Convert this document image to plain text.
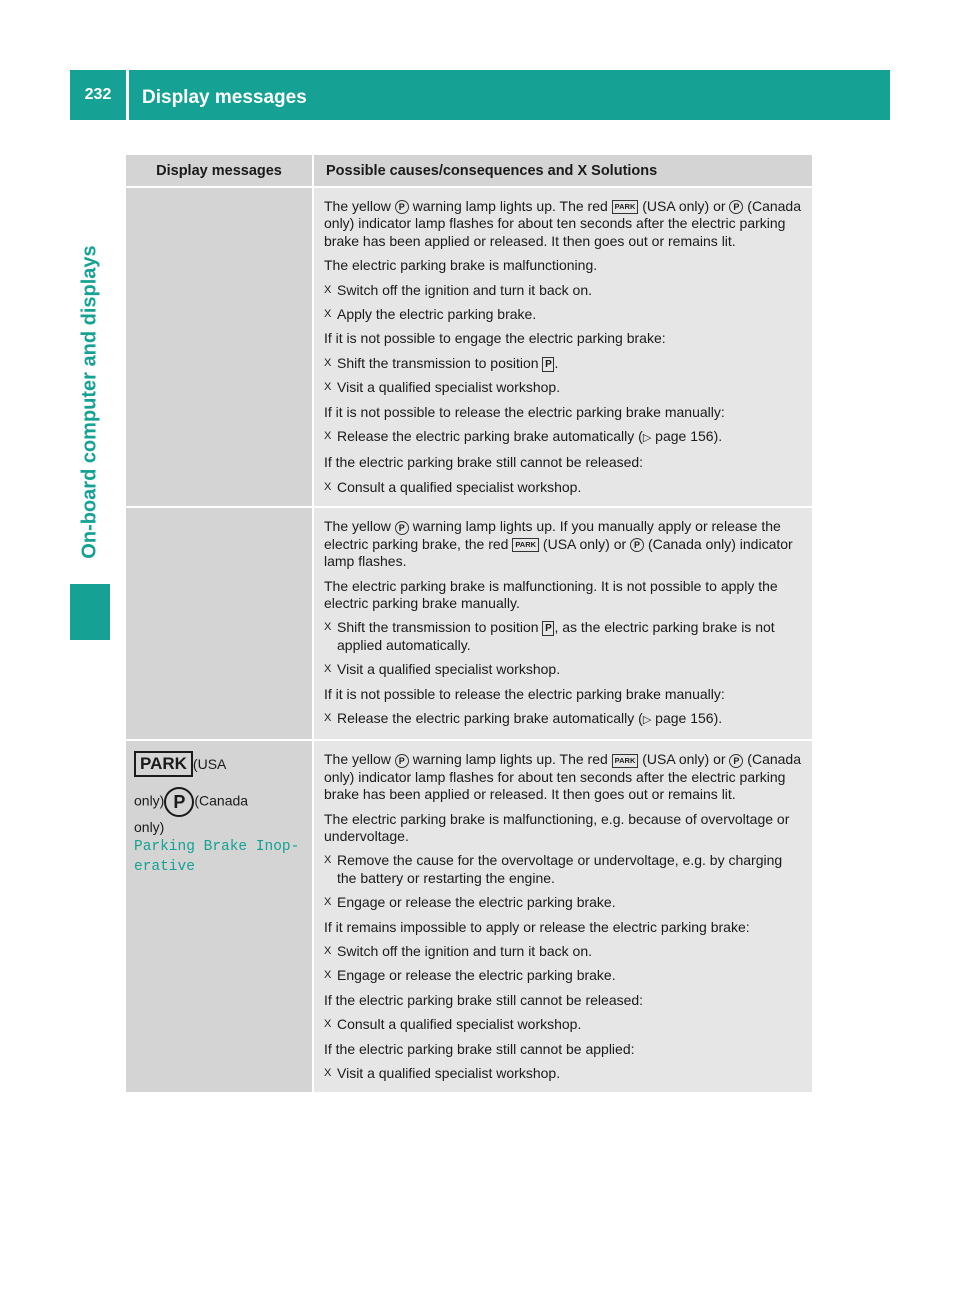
232	Display messages
On-board computer and displays
Display messages	Possible causes/consequences and
X
Solutions

The yellow P warning lamp lights up. The red PARK (USA only) or P (Canada only) indicator lamp flashes for about ten seconds after the electric parking brake has been applied or released. It then goes out or remains lit.

The electric parking brake is malfunctioning.

X Switch off the ignition and turn it back on.

X Apply the electric parking brake.

If it is not possible to engage the electric parking brake:

X Shift the transmission to position P .

X Visit a qualified specialist workshop.

If it is not possible to release the electric parking brake manually:

X Release the electric parking brake automatically (▷ page 156).

If the electric parking brake still cannot be released:

X Consult a qualified specialist workshop.

The yellow P warning lamp lights up. If you manually apply or release the electric parking brake, the red PARK (USA only) or P (Canada only) indicator lamp flashes.

The electric parking brake is malfunctioning. It is not possible to apply the electric parking brake manually.

X Shift the transmission to position P , as the electric parking brake is not applied automatically.

X Visit a qualified specialist workshop.

If it is not possible to release the electric parking brake manually:

X Release the electric parking brake automatically (▷ page 156).

PARK (USA

only) P (Canada

only)

Parking Brake Inop‐

erative

The yellow P warning lamp lights up. The red PARK (USA only) or P (Canada only) indicator lamp flashes for about ten seconds after the electric parking brake has been applied or released. It then goes out or remains lit.

The electric parking brake is malfunctioning, e.g. because of overvoltage or undervoltage.

X Remove the cause for the overvoltage or undervoltage, e.g. by charging the battery or restarting the engine.

X Engage or release the electric parking brake.

If it remains impossible to apply or release the electric parking brake:

X Switch off the ignition and turn it back on.

X Engage or release the electric parking brake.

If the electric parking brake still cannot be released:

X Consult a qualified specialist workshop.

If the electric parking brake still cannot be applied:

X Visit a qualified specialist workshop.
